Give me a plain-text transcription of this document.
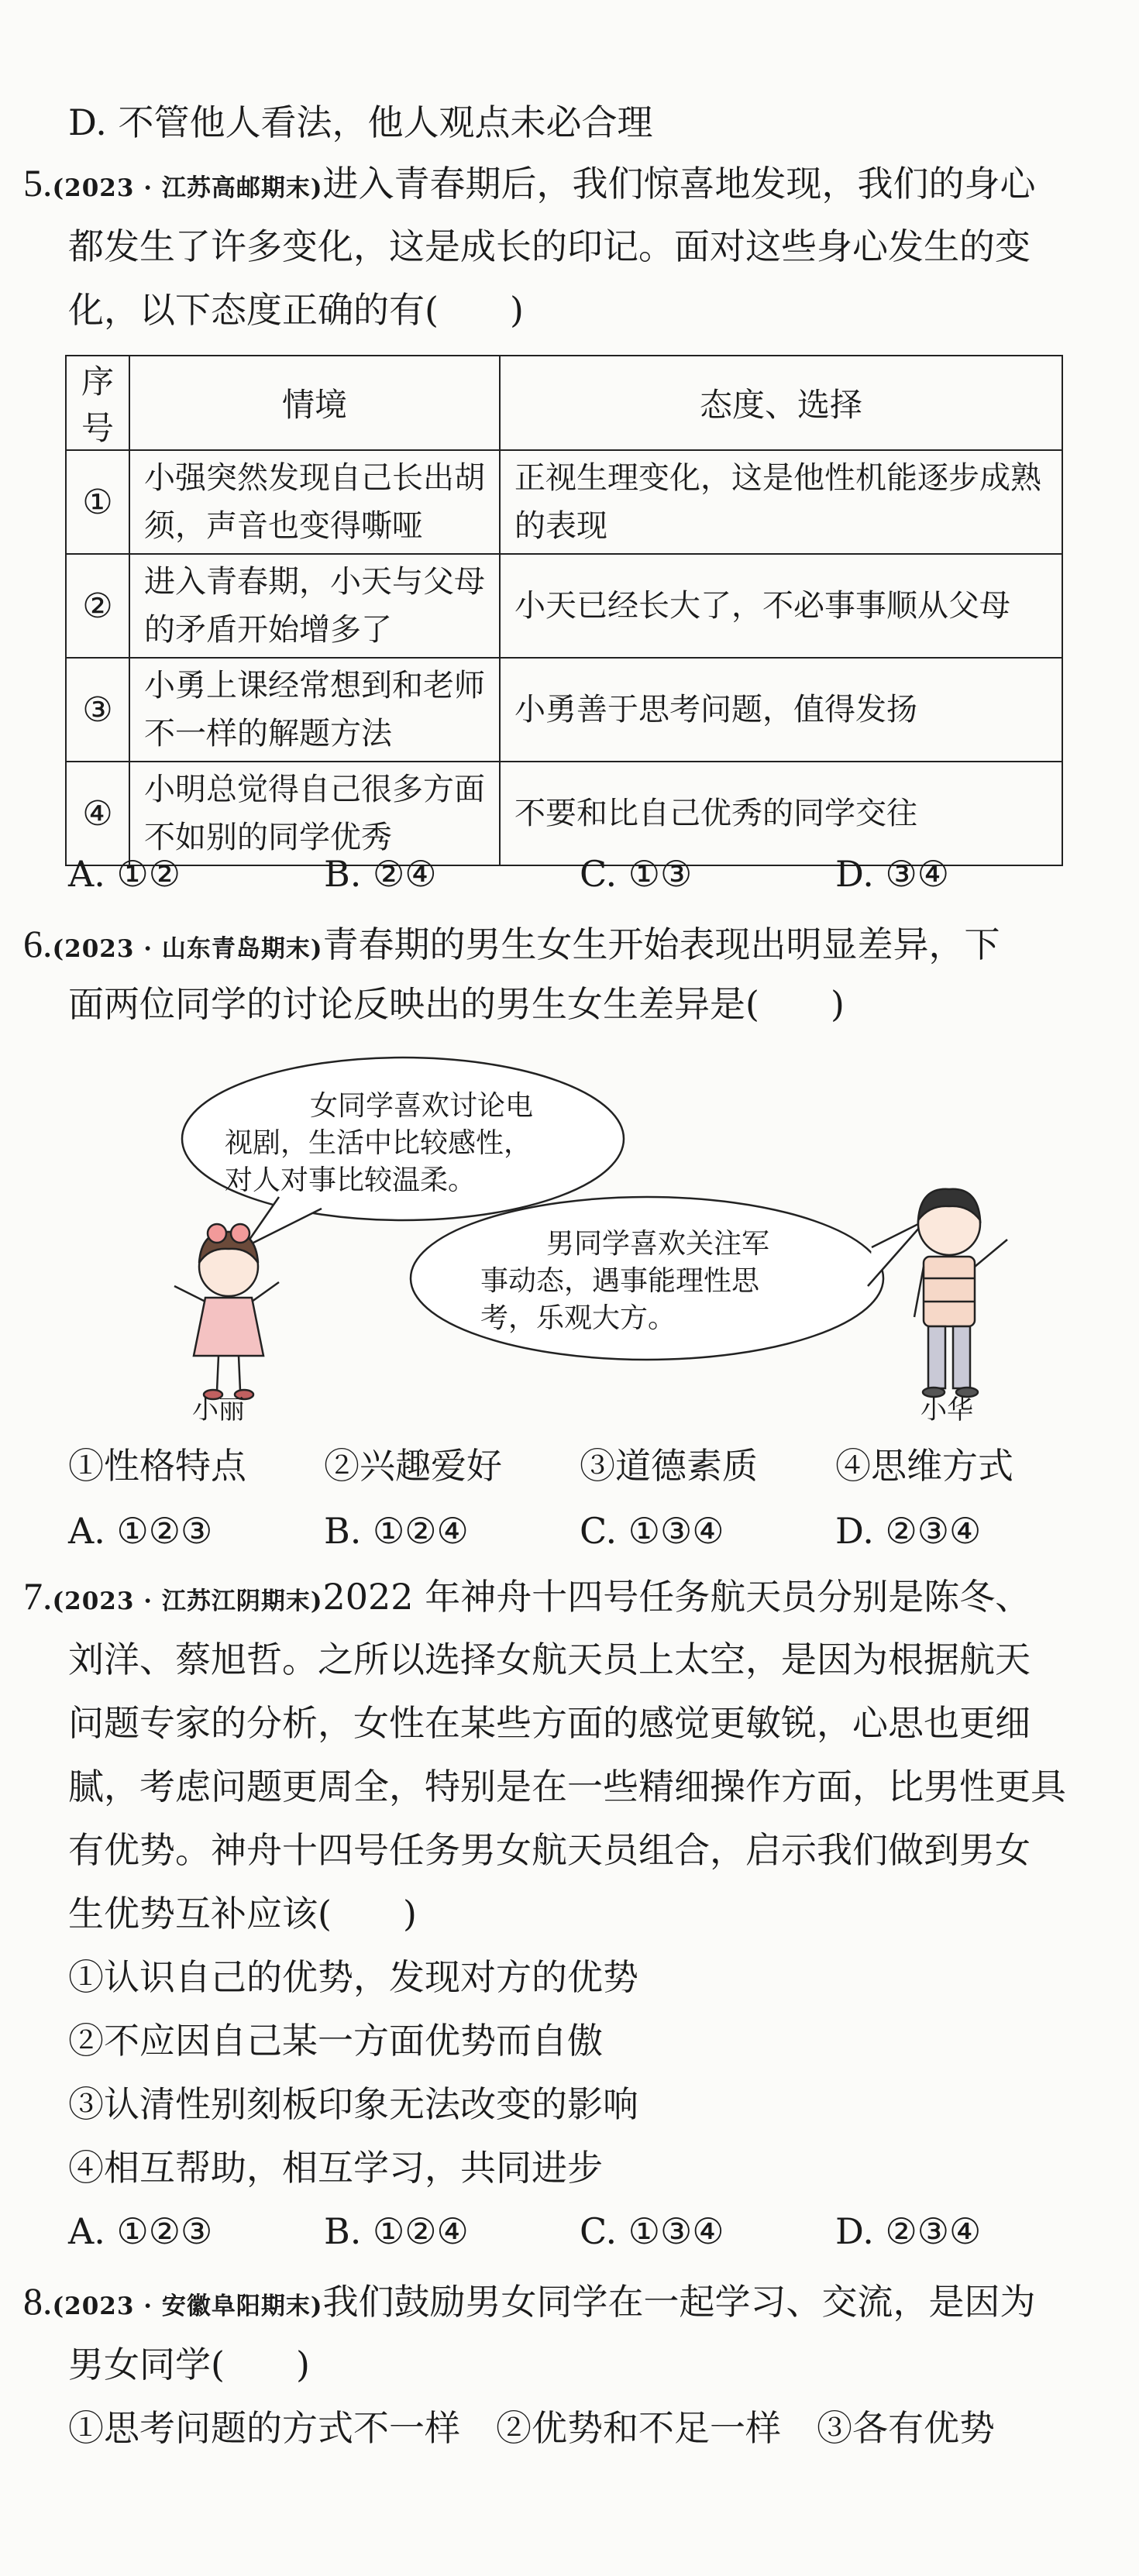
D. 不管他人看法，他人观点未必合理
5.(2023 · 江苏高邮期末)进入青春期后，我们惊喜地发现，我们的身心
都发生了许多变化，这是成长的印记。面对这些身心发生的变
化，以下态度正确的有(　　)
序号	情境	态度、选择
①	小强突然发现自己长出胡须，声音也变得嘶哑	正视生理变化，这是他性机能逐步成熟的表现
②	进入青春期，小天与父母的矛盾开始增多了	小天已经长大了，不必事事顺从父母
③	小勇上课经常想到和老师不一样的解题方法	小勇善于思考问题，值得发扬
④	小明总觉得自己很多方面不如别的同学优秀	不要和比自己优秀的同学交往
A. ①②	B. ②④	C. ①③	D. ③④
6.(2023 · 山东青岛期末)青春期的男生女生开始表现出明显差异，下
面两位同学的讨论反映出的男生女生差异是(　　)
女同学喜欢讨论电
视剧，生活中比较感性，
对人对事比较温柔。
男同学喜欢关注军
事动态，遇事能理性思
考，乐观大方。
小丽	小华
①性格特点 ②兴趣爱好 ③道德素质 ④思维方式
A. ①②③	B. ①②④	C. ①③④	D. ②③④
7.(2023 · 江苏江阴期末)2022 年神舟十四号任务航天员分别是陈冬、
刘洋、蔡旭哲。之所以选择女航天员上太空，是因为根据航天
问题专家的分析，女性在某些方面的感觉更敏锐，心思也更细
腻，考虑问题更周全，特别是在一些精细操作方面，比男性更具
有优势。神舟十四号任务男女航天员组合，启示我们做到男女
生优势互补应该(　　)
①认识自己的优势，发现对方的优势
②不应因自己某一方面优势而自傲
③认清性别刻板印象无法改变的影响
④相互帮助，相互学习，共同进步
A. ①②③	B. ①②④	C. ①③④	D. ②③④
8.(2023 · 安徽阜阳期末)我们鼓励男女同学在一起学习、交流，是因为
男女同学(　　)
①思考问题的方式不一样　②优势和不足一样　③各有优势
